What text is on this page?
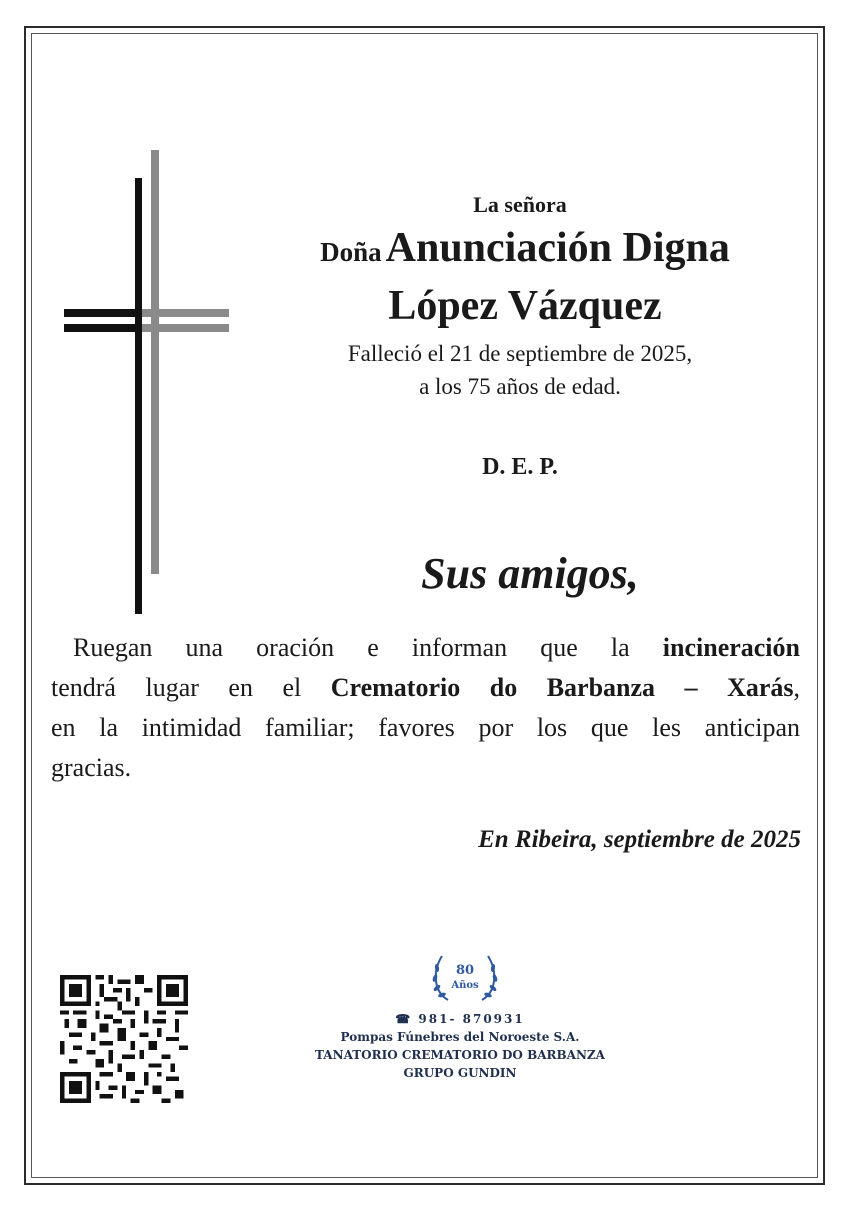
La señora
Doña Anunciación Digna
López Vázquez
Falleció el 21 de septiembre de 2025,
a los 75 años de edad.
D. E. P.
Sus amigos,
Ruegan una oración e informan que la incineración
tendrá lugar en el Crematorio do Barbanza – Xarás,
en la intimidad familiar; favores por los que les anticipan
gracias.
En Ribeira, septiembre de 2025
80
Años
☎ 981- 870931
Pompas Fúnebres del Noroeste S.A.
TANATORIO CREMATORIO DO BARBANZA
GRUPO GUNDIN
